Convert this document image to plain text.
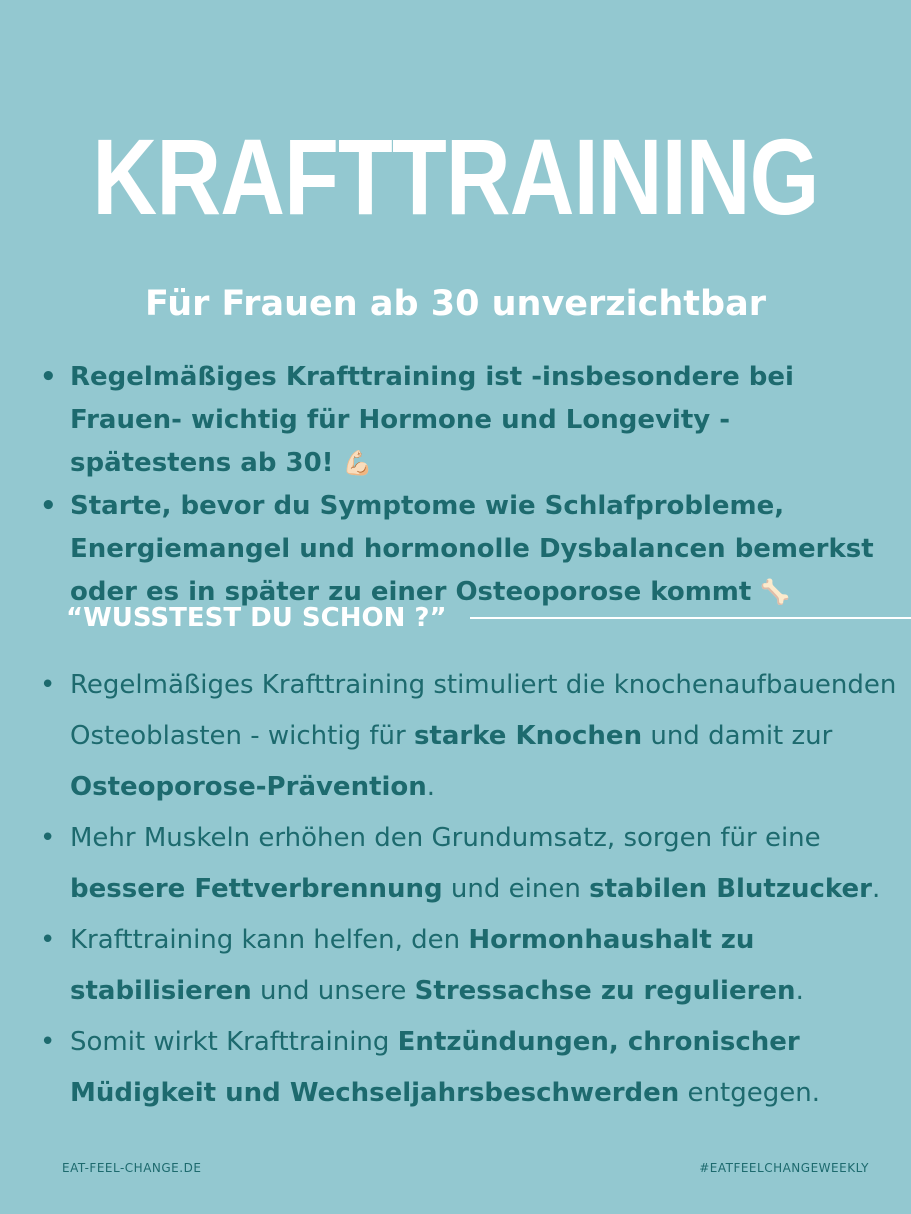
KRAFTTRAINING
Für Frauen ab 30 unverzichtbar
• Regelmäßiges Krafttraining ist -insbesondere bei Frauen- wichtig für Hormone und Longevity - spätestens ab 30! 💪🏻
• Starte, bevor du Symptome wie Schlafprobleme, Energiemangel und hormonolle Dysbalancen bemerkst oder es in später zu einer Osteoporose kommt 🦴
“WUSSTEST DU SCHON ?”
• Regelmäßiges Krafttraining stimuliert die knochenaufbauenden Osteoblasten - wichtig für starke Knochen und damit zur Osteoporose-Prävention.
• Mehr Muskeln erhöhen den Grundumsatz, sorgen für eine bessere Fettverbrennung und einen stabilen Blutzucker.
• Krafttraining kann helfen, den Hormonhaushalt zu stabilisieren und unsere Stressachse zu regulieren.
• Somit wirkt Krafttraining Entzündungen, chronischer Müdigkeit und Wechseljahrsbeschwerden entgegen.
EAT-FEEL-CHANGE.DE	#EATFEELCHANGEWEEKLY
